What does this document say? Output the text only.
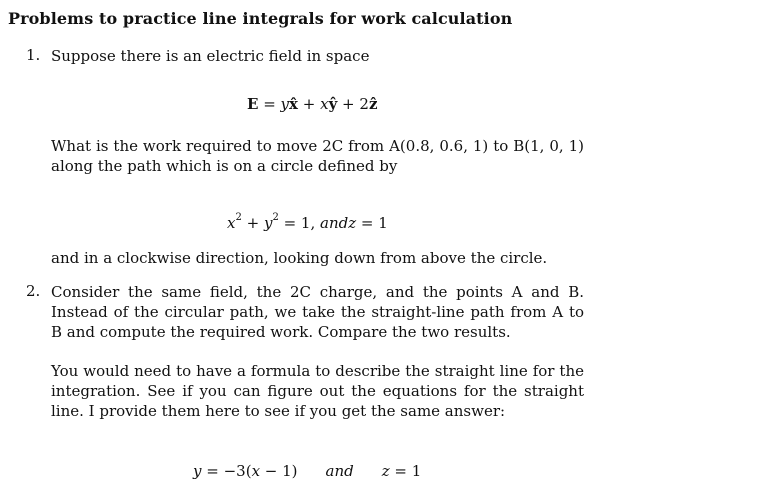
Problems to practice line integrals for work calculation
1. Suppose there is an electric field in space
E = yx̂ + xŷ + 2ẑ
What is the work required to move 2C from A(0.8, 0.6, 1) to B(1, 0, 1) along the path which is on a circle defined by
$x^2 + y^2 = 1$, andz = 1
and in a clockwise direction, looking down from above the circle.
2. Consider the same field, the 2C charge, and the points A and B. Instead of the circular path, we take the straight-line path from A to B and compute the required work. Compare the two results.
You would need to have a formula to describe the straight line for the integration. See if you can figure out the equations for the straight line. I provide them here to see if you get the same answer:
y = −3(x − 1) and z = 1
